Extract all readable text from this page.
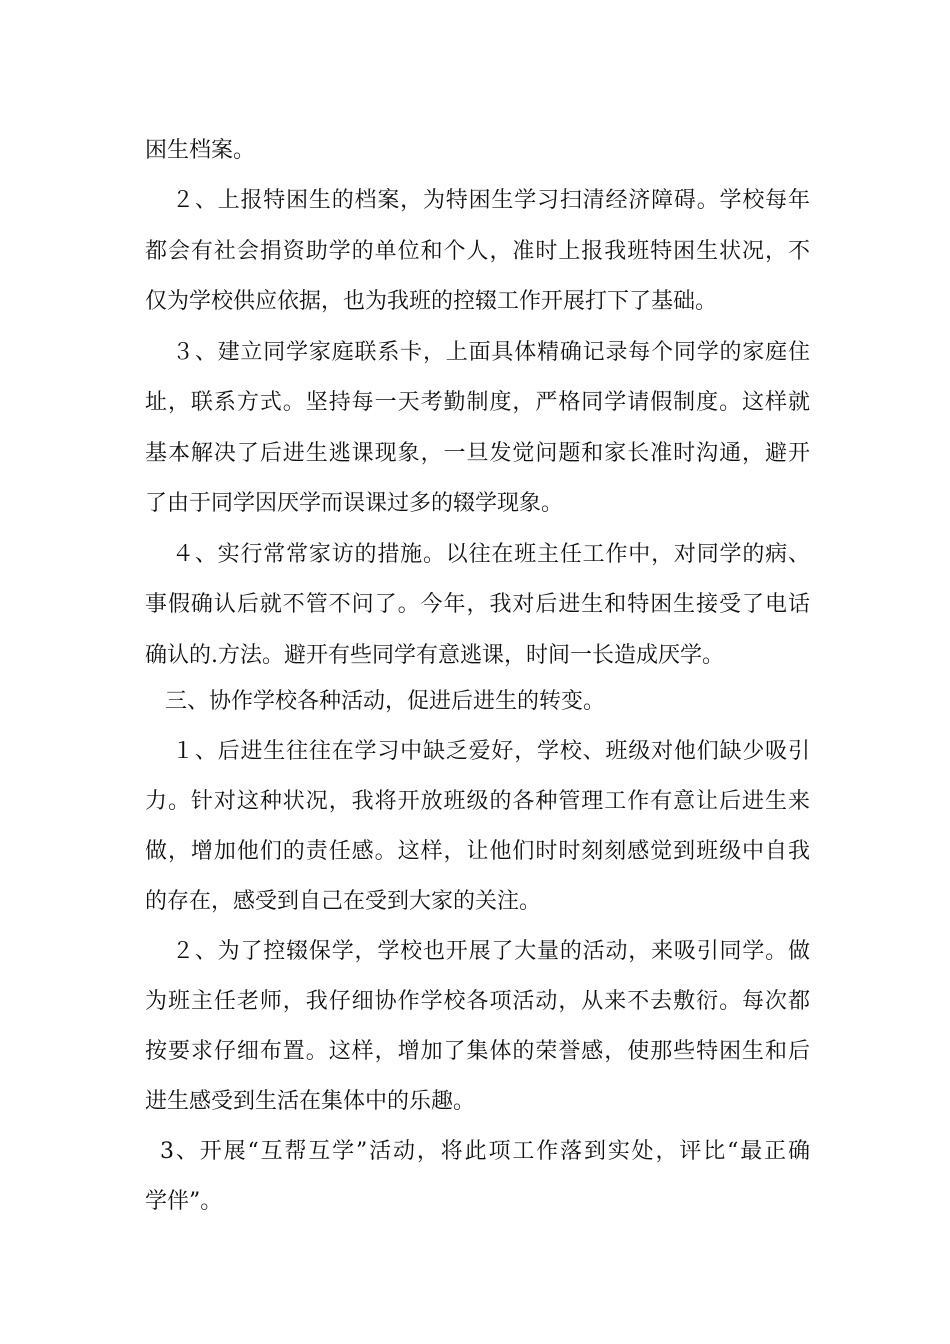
困生档案。
２、上报特困生的档案，为特困生学习扫清经济障碍。学校每年
都会有社会捐资助学的单位和个人，准时上报我班特困生状况，不
仅为学校供应依据，也为我班的控辍工作开展打下了基础。
３、建立同学家庭联系卡，上面具体精确记录每个同学的家庭住
址，联系方式。坚持每一天考勤制度，严格同学请假制度。这样就
基本解决了后进生逃课现象，一旦发觉问题和家长准时沟通，避开
了由于同学因厌学而误课过多的辍学现象。
４、实行常常家访的措施。以往在班主任工作中，对同学的病、
事假确认后就不管不问了。今年，我对后进生和特困生接受了电话
确认的.方法。避开有些同学有意逃课，时间一长造成厌学。
三、协作学校各种活动，促进后进生的转变。
１、后进生往往在学习中缺乏爱好，学校、班级对他们缺少吸引
力。针对这种状况，我将开放班级的各种管理工作有意让后进生来
做，增加他们的责任感。这样，让他们时时刻刻感觉到班级中自我
的存在，感受到自己在受到大家的关注。
２、为了控辍保学，学校也开展了大量的活动，来吸引同学。做
为班主任老师，我仔细协作学校各项活动，从来不去敷衍。每次都
按要求仔细布置。这样，增加了集体的荣誉感，使那些特困生和后
进生感受到生活在集体中的乐趣。
3、开展“互帮互学”活动，将此项工作落到实处，评比“最正确
学伴”。
